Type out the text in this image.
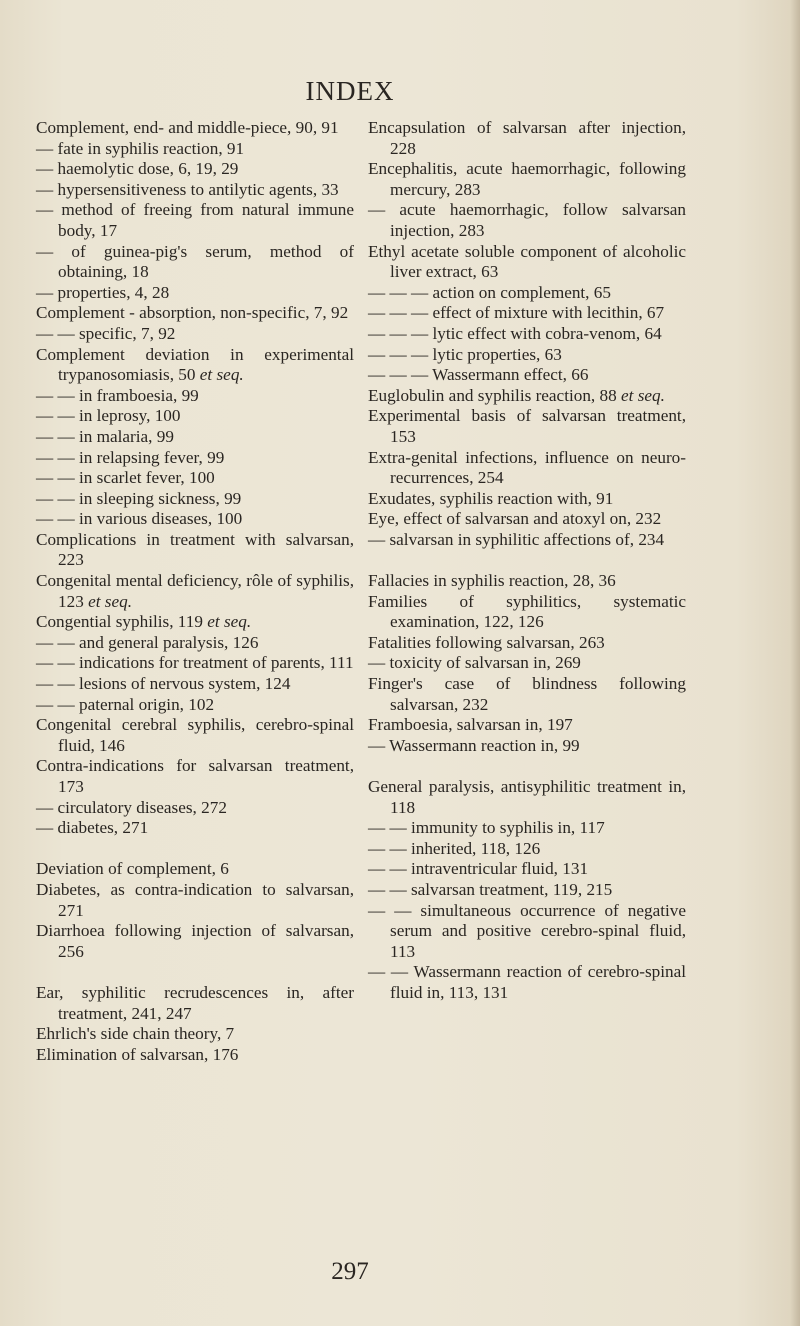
INDEX
Complement, end- and middle-piece, 90, 91
— fate in syphilis reaction, 91
— haemolytic dose, 6, 19, 29
— hypersensitiveness to antilytic agents, 33
— method of freeing from natural immune body, 17
— of guinea-pig's serum, method of obtaining, 18
— properties, 4, 28
Complement - absorption, non-specific, 7, 92
— — specific, 7, 92
Complement deviation in experimental trypanosomiasis, 50 et seq.
— — in framboesia, 99
— — in leprosy, 100
— — in malaria, 99
— — in relapsing fever, 99
— — in scarlet fever, 100
— — in sleeping sickness, 99
— — in various diseases, 100
Complications in treatment with salvarsan, 223
Congenital mental deficiency, rôle of syphilis, 123 et seq.
Congential syphilis, 119 et seq.
— — and general paralysis, 126
— — indications for treatment of parents, 111
— — lesions of nervous system, 124
— — paternal origin, 102
Congenital cerebral syphilis, cerebro-spinal fluid, 146
Contra-indications for salvarsan treatment, 173
— circulatory diseases, 272
— diabetes, 271
Deviation of complement, 6
Diabetes, as contra-indication to salvarsan, 271
Diarrhoea following injection of salvarsan, 256
Ear, syphilitic recrudescences in, after treatment, 241, 247
Ehrlich's side chain theory, 7
Elimination of salvarsan, 176
Encapsulation of salvarsan after injection, 228
Encephalitis, acute haemorrhagic, following mercury, 283
— acute haemorrhagic, follow salvarsan injection, 283
Ethyl acetate soluble component of alcoholic liver extract, 63
— — — action on complement, 65
— — — effect of mixture with lecithin, 67
— — — lytic effect with cobra-venom, 64
— — — lytic properties, 63
— — — Wassermann effect, 66
Euglobulin and syphilis reaction, 88 et seq.
Experimental basis of salvarsan treatment, 153
Extra-genital infections, influence on neuro-recurrences, 254
Exudates, syphilis reaction with, 91
Eye, effect of salvarsan and atoxyl on, 232
— salvarsan in syphilitic affections of, 234
Fallacies in syphilis reaction, 28, 36
Families of syphilitics, systematic examination, 122, 126
Fatalities following salvarsan, 263
— toxicity of salvarsan in, 269
Finger's case of blindness following salvarsan, 232
Framboesia, salvarsan in, 197
— Wassermann reaction in, 99
General paralysis, antisyphilitic treatment in, 118
— — immunity to syphilis in, 117
— — inherited, 118, 126
— — intraventricular fluid, 131
— — salvarsan treatment, 119, 215
— — simultaneous occurrence of negative serum and positive cerebro-spinal fluid, 113
— — Wassermann reaction of cerebro-spinal fluid in, 113, 131
297
